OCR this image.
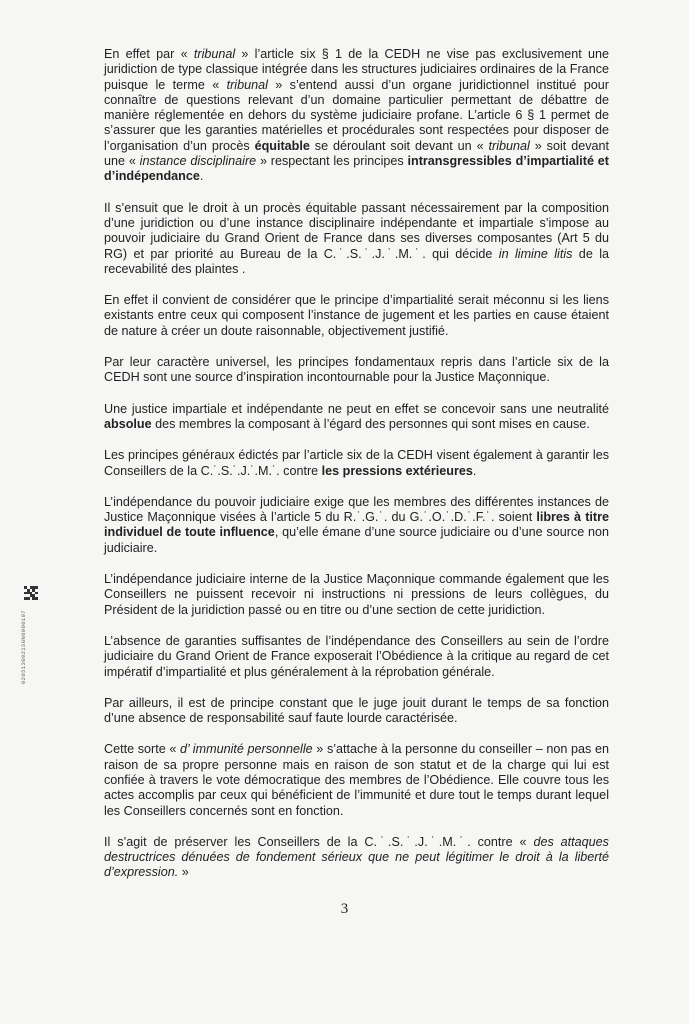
En effet par « tribunal » l’article six § 1 de la CEDH ne vise pas exclusivement une juridiction de type classique intégrée dans les structures judiciaires ordinaires de la France puisque le terme « tribunal » s’entend aussi d’un organe juridictionnel institué pour connaître de questions relevant d’un domaine particulier permettant de débattre de manière réglementée en dehors du système judiciaire profane. L’article 6 § 1 permet de s’assurer que les garanties matérielles et procédurales sont respectées pour disposer de l’organisation d’un procès équitable se déroulant soit devant un « tribunal » soit devant une « instance disciplinaire » respectant les principes intransgressibles d’impartialité et d’indépendance.

Il s’ensuit que le droit à un procès équitable passant nécessairement par la composition d’une juridiction ou d’une instance disciplinaire indépendante et impartiale s’impose au pouvoir judiciaire du Grand Orient de France dans ses diverses composantes (Art 5 du RG) et par priorité au Bureau de la C.˙.S.˙.J.˙.M.˙. qui décide in limine litis de la recevabilité des plaintes .

En effet il convient de considérer que le principe d’impartialité serait méconnu si les liens existants entre ceux qui composent l’instance de jugement et les parties en cause étaient de nature à créer un doute raisonnable, objectivement justifié.

Par leur caractère universel, les principes fondamentaux repris dans l’article six de la CEDH sont une source d’inspiration incontournable pour la Justice Maçonnique.

Une justice impartiale et indépendante ne peut en effet se concevoir sans une neutralité absolue des membres la composant à l’égard des personnes qui sont mises en cause.

Les principes généraux édictés par l’article six de la CEDH visent également à garantir les Conseillers de la C.˙.S.˙.J.˙.M.˙. contre les pressions extérieures.

L’indépendance du pouvoir judiciaire exige que les membres des différentes instances de Justice Maçonnique visées à l’article 5 du R.˙.G.˙. du G.˙.O.˙.D.˙.F.˙. soient libres à titre individuel de toute influence, qu’elle émane d’une source judiciaire ou d’une source non judiciaire.

L’indépendance judiciaire interne de la Justice Maçonnique commande également que les Conseillers ne puissent recevoir ni instructions ni pressions de leurs collègues, du Président de la juridiction passé ou en titre ou d’une section de cette juridiction.

L’absence de garanties suffisantes de l’indépendance des Conseillers au sein de l’ordre judiciaire du Grand Orient de France exposerait l’Obédience à la critique au regard de cet impératif d’impartialité et plus généralement à la réprobation générale.

Par ailleurs, il est de principe constant que le juge jouit durant le temps de sa fonction d’une absence de responsabilité sauf faute lourde caractérisée.

Cette sorte « d’ immunité personnelle » s’attache à la personne du conseiller – non pas en raison de sa propre personne mais en raison de son statut et de la charge qui lui est confiée à travers le vote démocratique des membres de l’Obédience. Elle couvre tous les actes accomplis par ceux qui bénéficient de l’immunité et dure tout le temps durant lequel les Conseillers concernés sont en fonction.

Il s’agit de préserver les Conseillers de la C.˙.S.˙.J.˙.M.˙. contre « des attaques destructrices dénuées de fondement sérieux que ne peut légitimer le droit à la liberté d’expression. »

3
0205130021SGN0000107
